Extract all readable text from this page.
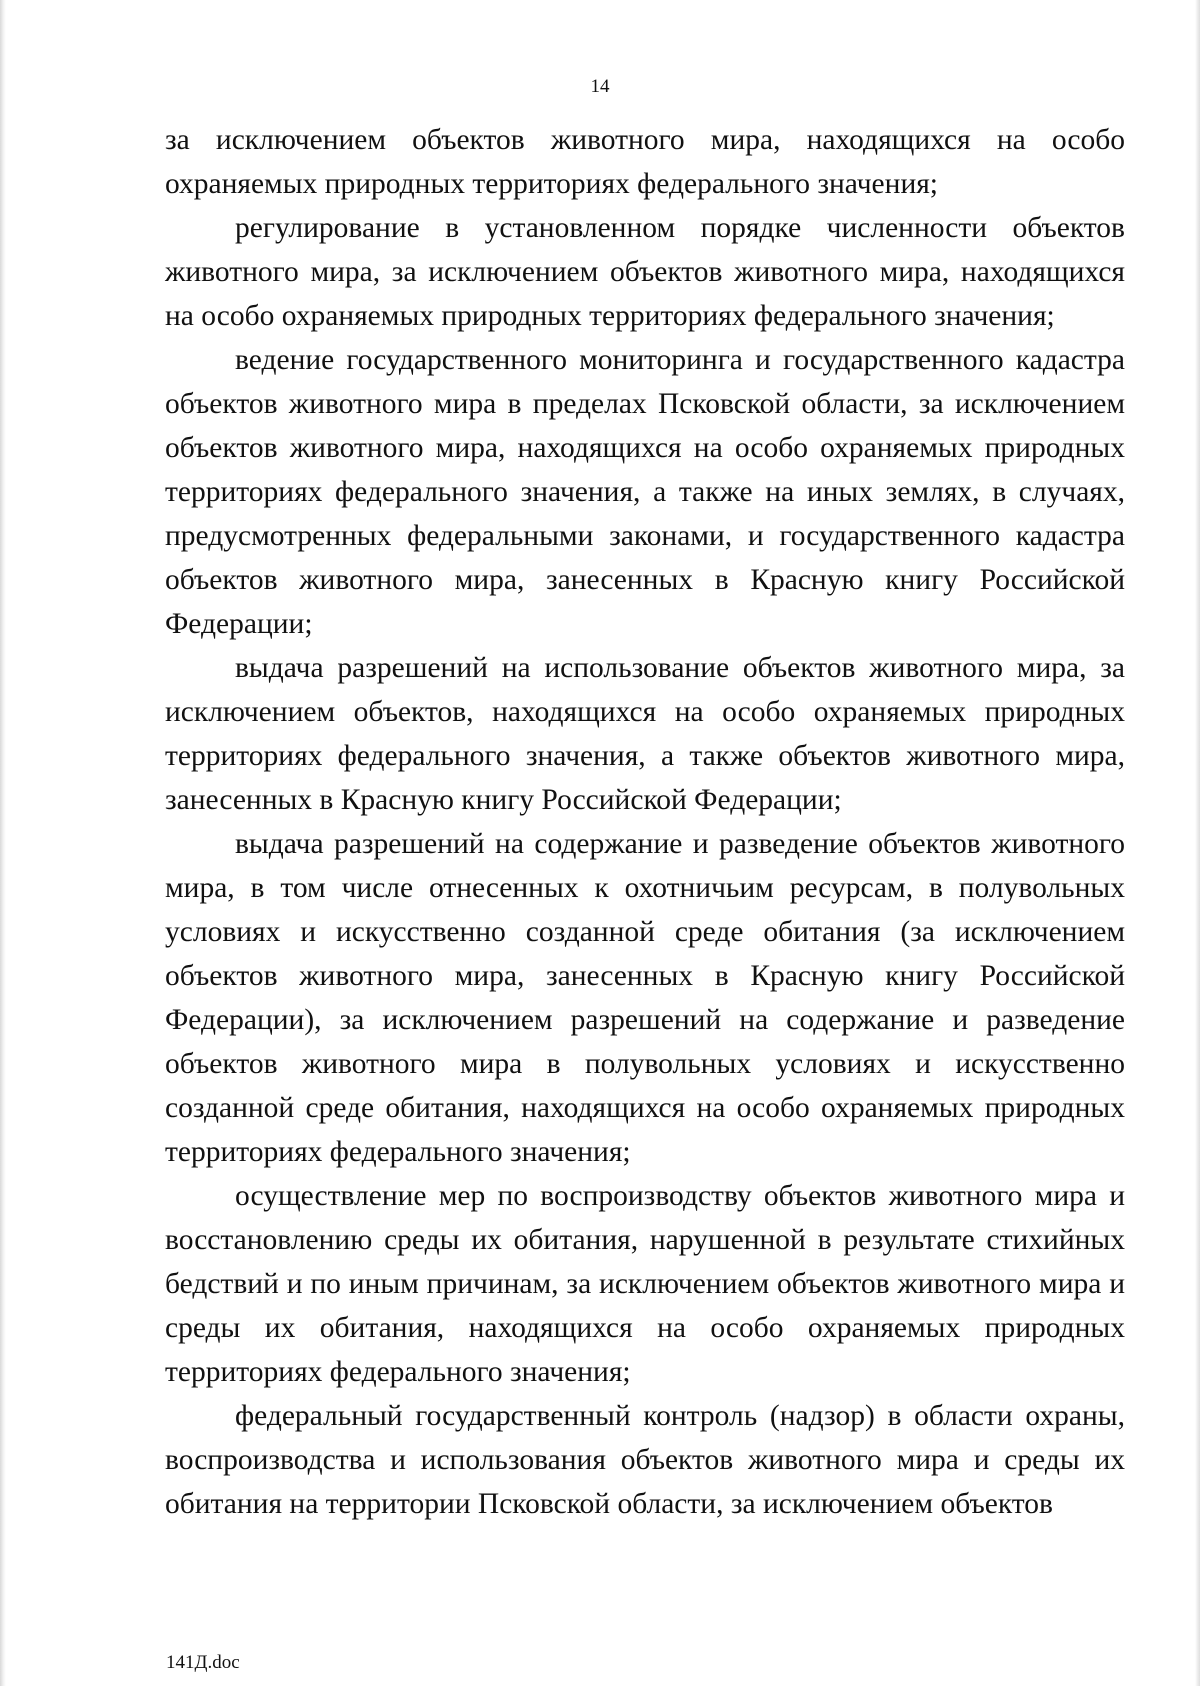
14

за исключением объектов животного мира, находящихся на особо охраняемых природных территориях федерального значения;

регулирование в установленном порядке численности объектов животного мира, за исключением объектов животного мира, находящихся на особо охраняемых природных территориях федерального значения;

ведение государственного мониторинга и государственного кадастра объектов животного мира в пределах Псковской области, за исключением объектов животного мира, находящихся на особо охраняемых природных территориях федерального значения, а также на иных землях, в случаях, предусмотренных федеральными законами, и государственного кадастра объектов животного мира, занесенных в Красную книгу Российской Федерации;

выдача разрешений на использование объектов животного мира, за исключением объектов, находящихся на особо охраняемых природных территориях федерального значения, а также объектов животного мира, занесенных в Красную книгу Российской Федерации;

выдача разрешений на содержание и разведение объектов животного мира, в том числе отнесенных к охотничьим ресурсам, в полувольных условиях и искусственно созданной среде обитания (за исключением объектов животного мира, занесенных в Красную книгу Российской Федерации), за исключением разрешений на содержание и разведение объектов животного мира в полувольных условиях и искусственно созданной среде обитания, находящихся на особо охраняемых природных территориях федерального значения;

осуществление мер по воспроизводству объектов животного мира и восстановлению среды их обитания, нарушенной в результате стихийных бедствий и по иным причинам, за исключением объектов животного мира и среды их обитания, находящихся на особо охраняемых природных территориях федерального значения;

федеральный государственный контроль (надзор) в области охраны, воспроизводства и использования объектов животного мира и среды их обитания на территории Псковской области, за исключением объектов

141Д.doc
